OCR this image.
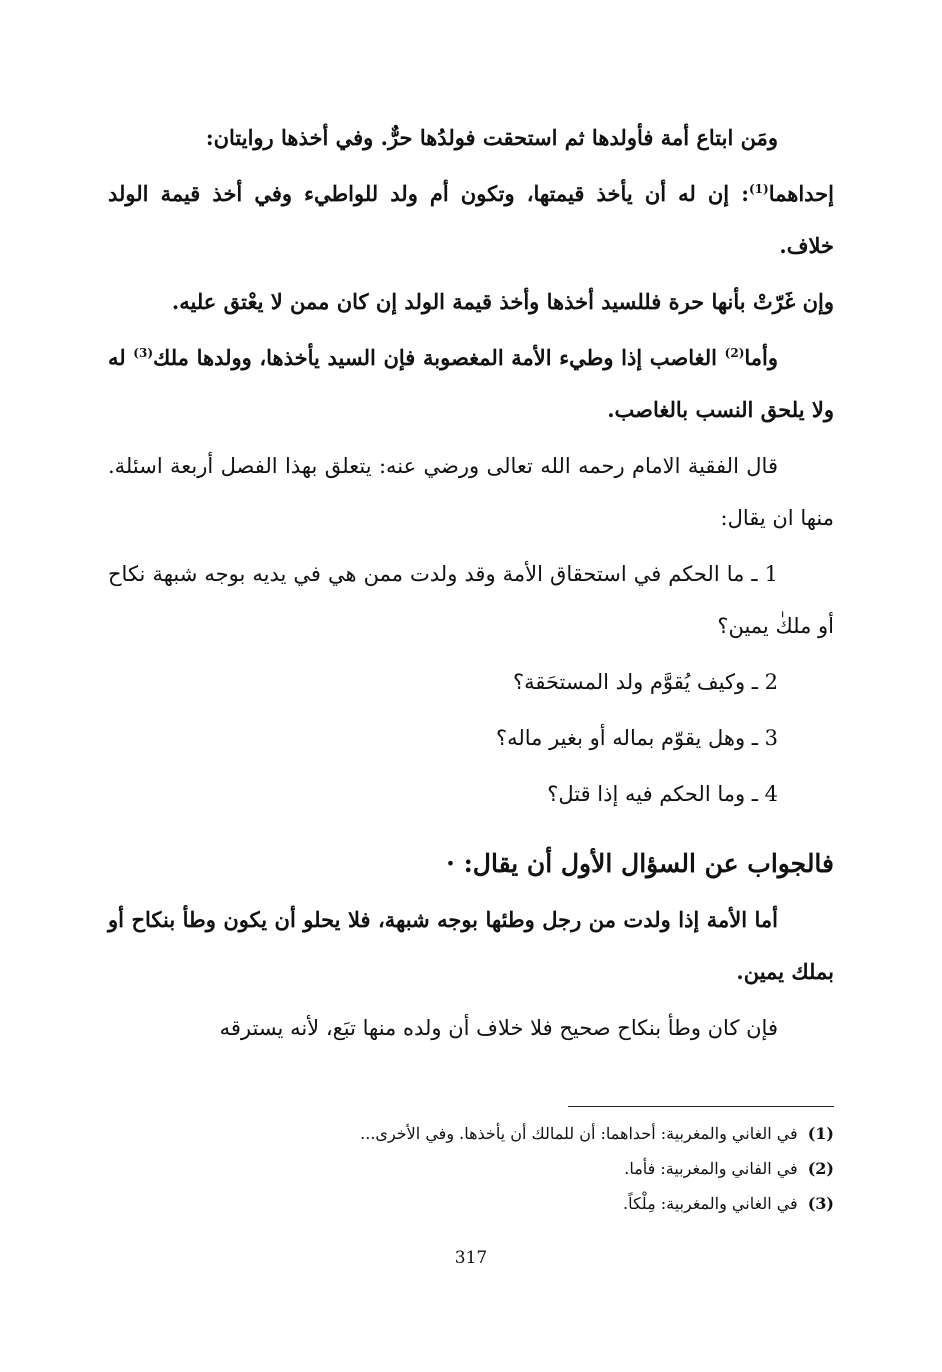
ومَن ابتاع أمة فأولدها ثم استحقت فولدُها حرٌّ. وفي أخذها روايتان:

إحداهما$^{(1)}$: إن له أن يأخذ قيمتها، وتكون أم ولد للواطيء وفي أخذ قيمة الولد خلاف.

وإن غَرّتْ بأنها حرة فللسيد أخذها وأخذ قيمة الولد إن كان ممن لا يعْتق عليه.

وأما$^{(2)}$ الغاصب إذا وطيء الأمة المغصوبة فإن السيد يأخذها، وولدها ملك$^{(3)}$ له ولا يلحق النسب بالغاصب.

قال الفقية الامام رحمه الله تعالى ورضي عنه: يتعلق بهذا الفصل أربعة اسئلة. منها ان يقال:

1 ـ ما الحكم في استحقاق الأمة وقد ولدت ممن هي في يديه بوجه شبهة نكاح أو ملكٰ يمين؟

2 ـ وكيف يُقوَّم ولد المستحَقة؟

3 ـ وهل يقوّم بماله أو بغير ماله؟

4 ـ وما الحكم فيه إذا قتل؟

فالجواب عن السؤال الأول أن يقال: ·

أما الأمة إذا ولدت من رجل وطئها بوجه شبهة، فلا يحلو أن يكون وطأ بنكاح أو بملك يمين.

فإن كان وطأ بنكاح صحيح فلا خلاف أن ولده منها تبَع، لأنه يسترقه

(1)في الغاني والمغربية: أحداهما: أن للمالك أن يأخذها. وفي الأخرى...
(2)في الفاني والمغربية: فأما.
(3)في الغاني والمغربية: مِلْكاً.
317
